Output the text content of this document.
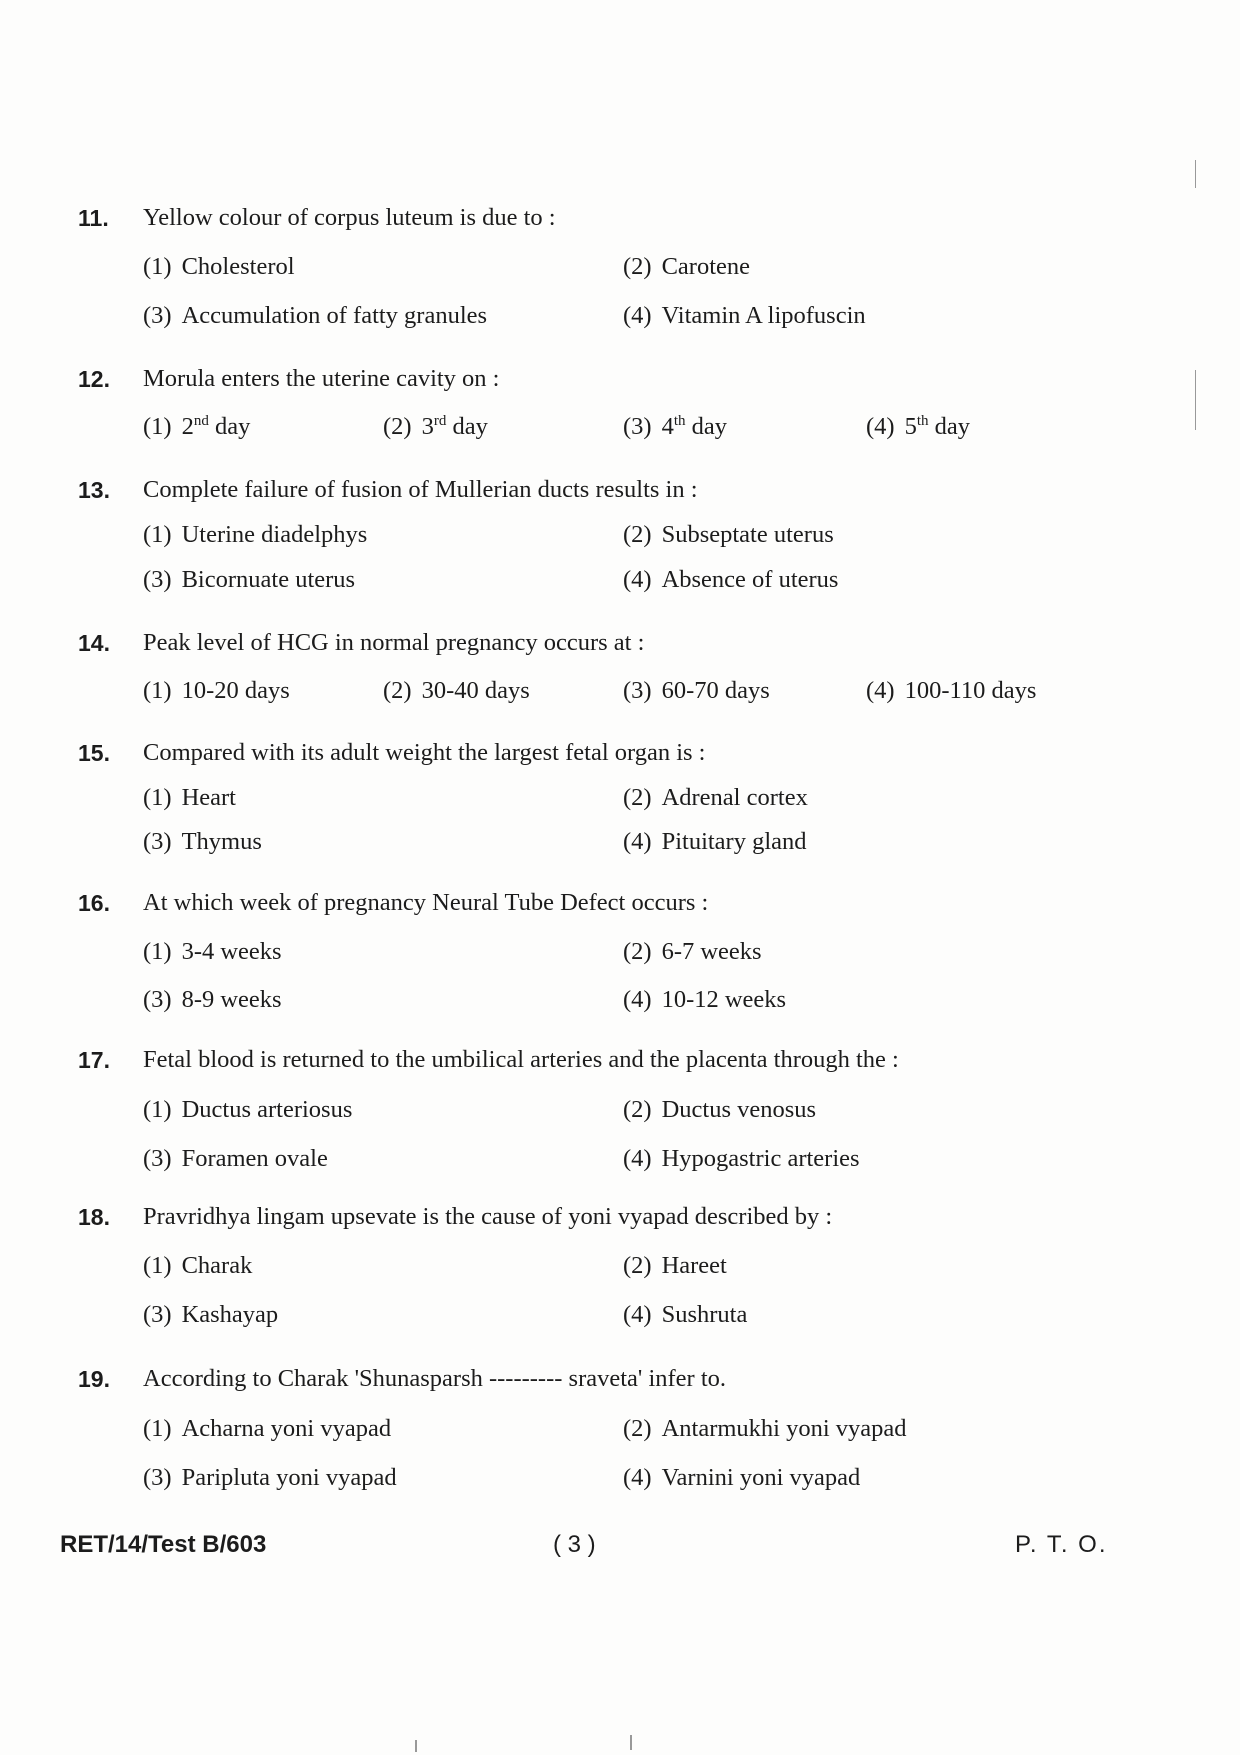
11. Yellow colour of corpus luteum is due to :
(1) Cholesterol	(2) Carotene
(3) Accumulation of fatty granules	(4) Vitamin A lipofuscin
12. Morula enters the uterine cavity on :
(1) 2nd day	(2) 3rd day	(3) 4th day	(4) 5th day
13. Complete failure of fusion of Mullerian ducts results in :
(1) Uterine diadelphys	(2) Subseptate uterus
(3) Bicornuate uterus	(4) Absence of uterus
14. Peak level of HCG in normal pregnancy occurs at :
(1) 10-20 days	(2) 30-40 days	(3) 60-70 days	(4) 100-110 days
15. Compared with its adult weight the largest fetal organ is :
(1) Heart	(2) Adrenal cortex
(3) Thymus	(4) Pituitary gland
16. At which week of pregnancy Neural Tube Defect occurs :
(1) 3-4 weeks	(2) 6-7 weeks
(3) 8-9 weeks	(4) 10-12 weeks
17. Fetal blood is returned to the umbilical arteries and the placenta through the :
(1) Ductus arteriosus	(2) Ductus venosus
(3) Foramen ovale	(4) Hypogastric arteries
18. Pravridhya lingam upsevate is the cause of yoni vyapad described by :
(1) Charak	(2) Hareet
(3) Kashayap	(4) Sushruta
19. According to Charak 'Shunasparsh --------- sraveta' infer to.
(1) Acharna yoni vyapad	(2) Antarmukhi yoni vyapad
(3) Paripluta yoni vyapad	(4) Varnini yoni vyapad
RET/14/Test B/603	( 3 )	P. T. O.
